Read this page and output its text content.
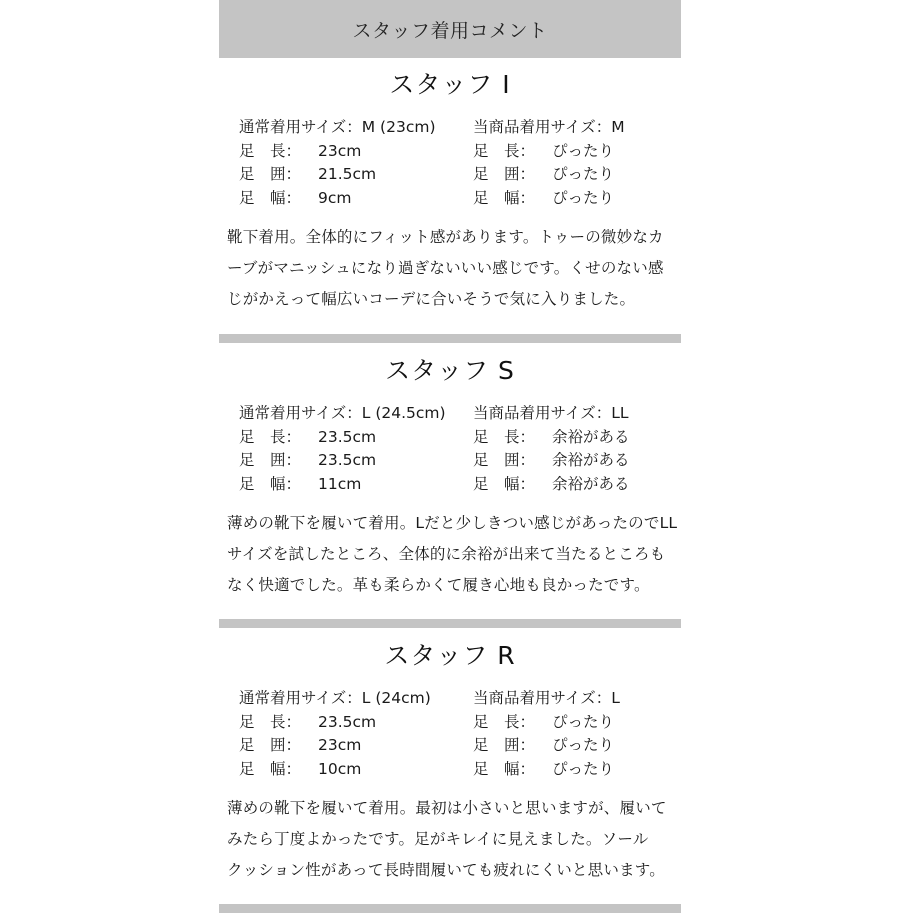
スタッフ着用コメント
スタッフ I
通常着用サイズ：M (23cm)
足　長：	23cm
足　囲：	21.5cm
足　幅：	9cm
当商品着用サイズ：M
足　長：	ぴったり
足　囲：	ぴったり
足　幅：	ぴったり
靴下着用。全体的にフィット感があります。トゥーの微妙なカ
ーブがマニッシュになり過ぎないいい感じです。くせのない感
じがかえって幅広いコーデに合いそうで気に入りました。
スタッフ S
通常着用サイズ：L (24.5cm)
足　長：	23.5cm
足　囲：	23.5cm
足　幅：	11cm
当商品着用サイズ：LL
足　長：	余裕がある
足　囲：	余裕がある
足　幅：	余裕がある
薄めの靴下を履いて着用。Lだと少しきつい感じがあったのでLL
サイズを試したところ、全体的に余裕が出来て当たるところも
なく快適でした。革も柔らかくて履き心地も良かったです。
スタッフ R
通常着用サイズ：L (24cm)
足　長：	23.5cm
足　囲：	23cm
足　幅：	10cm
当商品着用サイズ：L
足　長：	ぴったり
足　囲：	ぴったり
足　幅：	ぴったり
薄めの靴下を履いて着用。最初は小さいと思いますが、履いて
みたら丁度よかったです。足がキレイに見えました。ソール
クッション性があって長時間履いても疲れにくいと思います。
